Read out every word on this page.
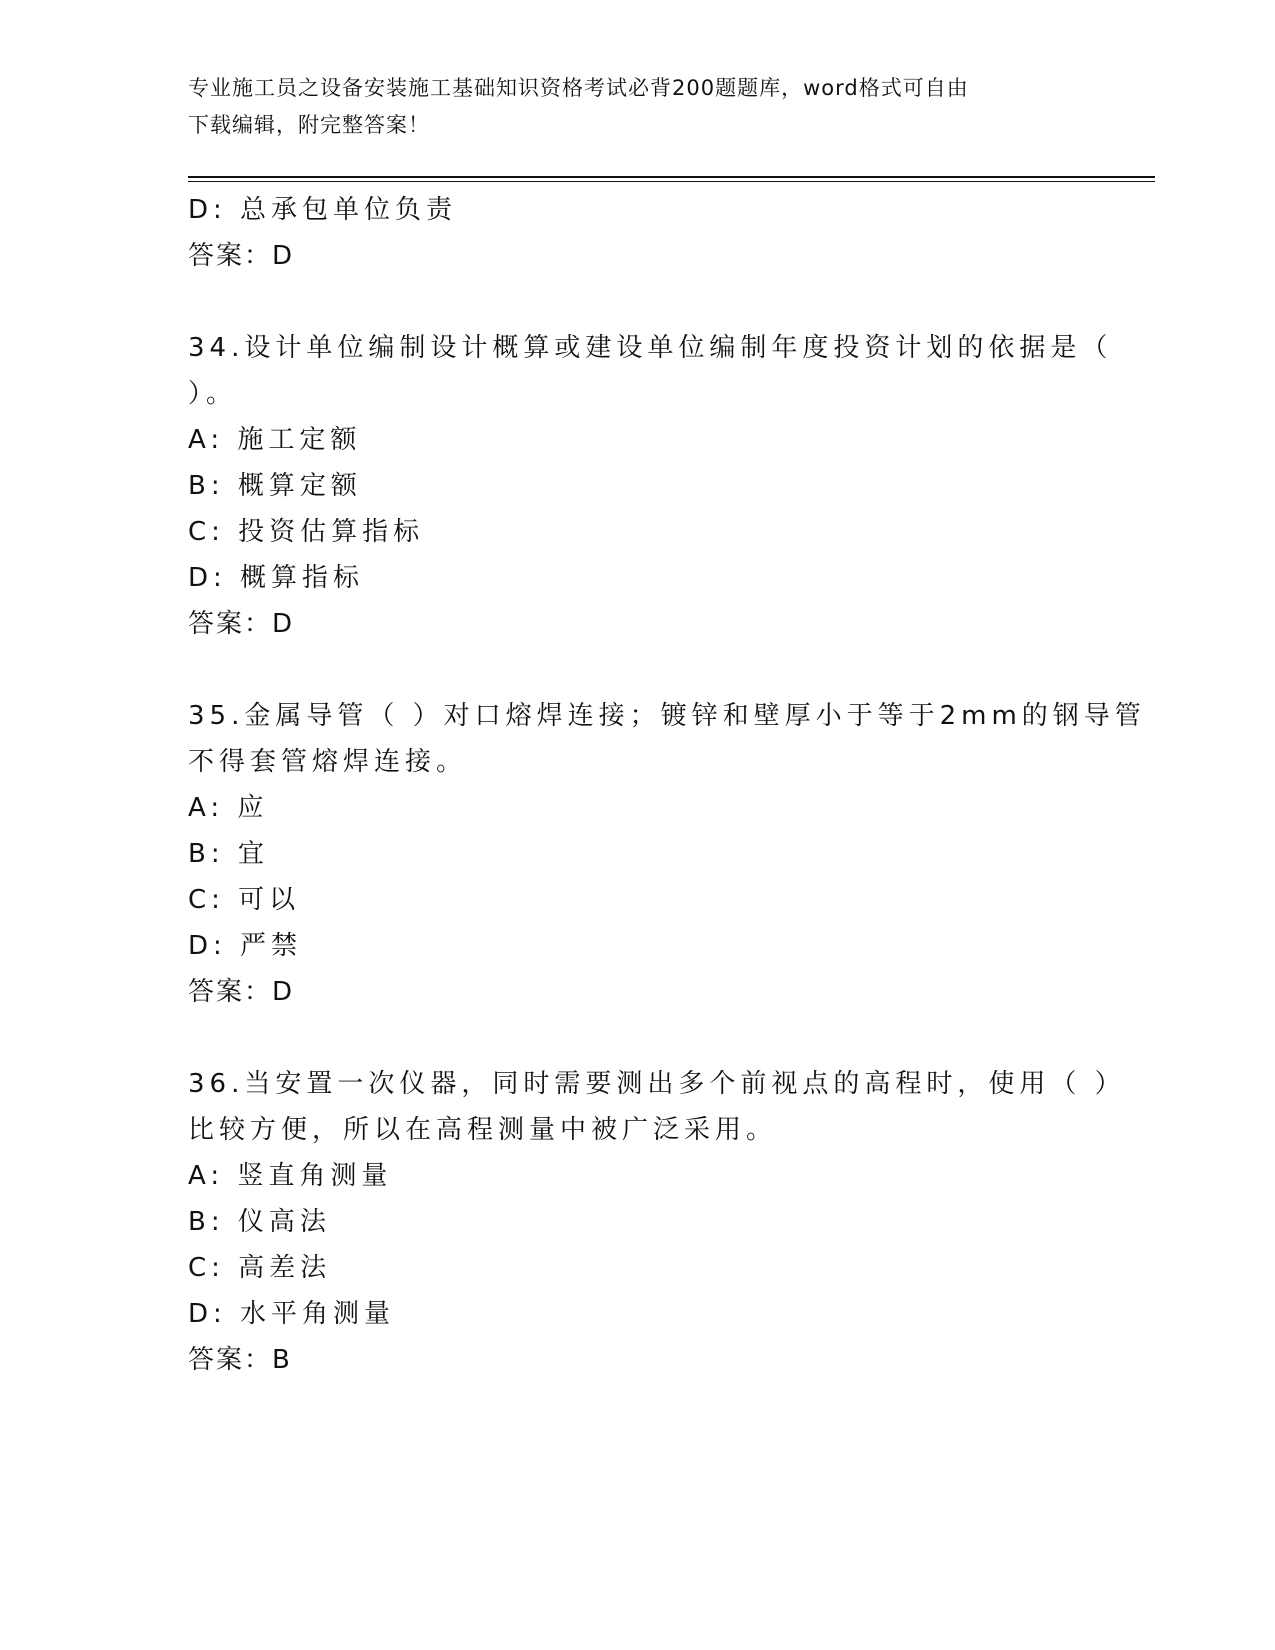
专业施工员之设备安装施工基础知识资格考试必背200题题库，word格式可自由
下载编辑，附完整答案！
D: 总承包单位负责
答案：D
34.设计单位编制设计概算或建设单位编制年度投资计划的依据是（
）。
A: 施工定额
B: 概算定额
C: 投资估算指标
D: 概算指标
答案：D
35.金属导管（ ）对口熔焊连接；镀锌和壁厚小于等于2mm的钢导管
不得套管熔焊连接。
A: 应
B: 宜
C: 可以
D: 严禁
答案：D
36.当安置一次仪器，同时需要测出多个前视点的高程时，使用（ ）
比较方便，所以在高程测量中被广泛采用。
A: 竖直角测量
B: 仪高法
C: 高差法
D: 水平角测量
答案：B
